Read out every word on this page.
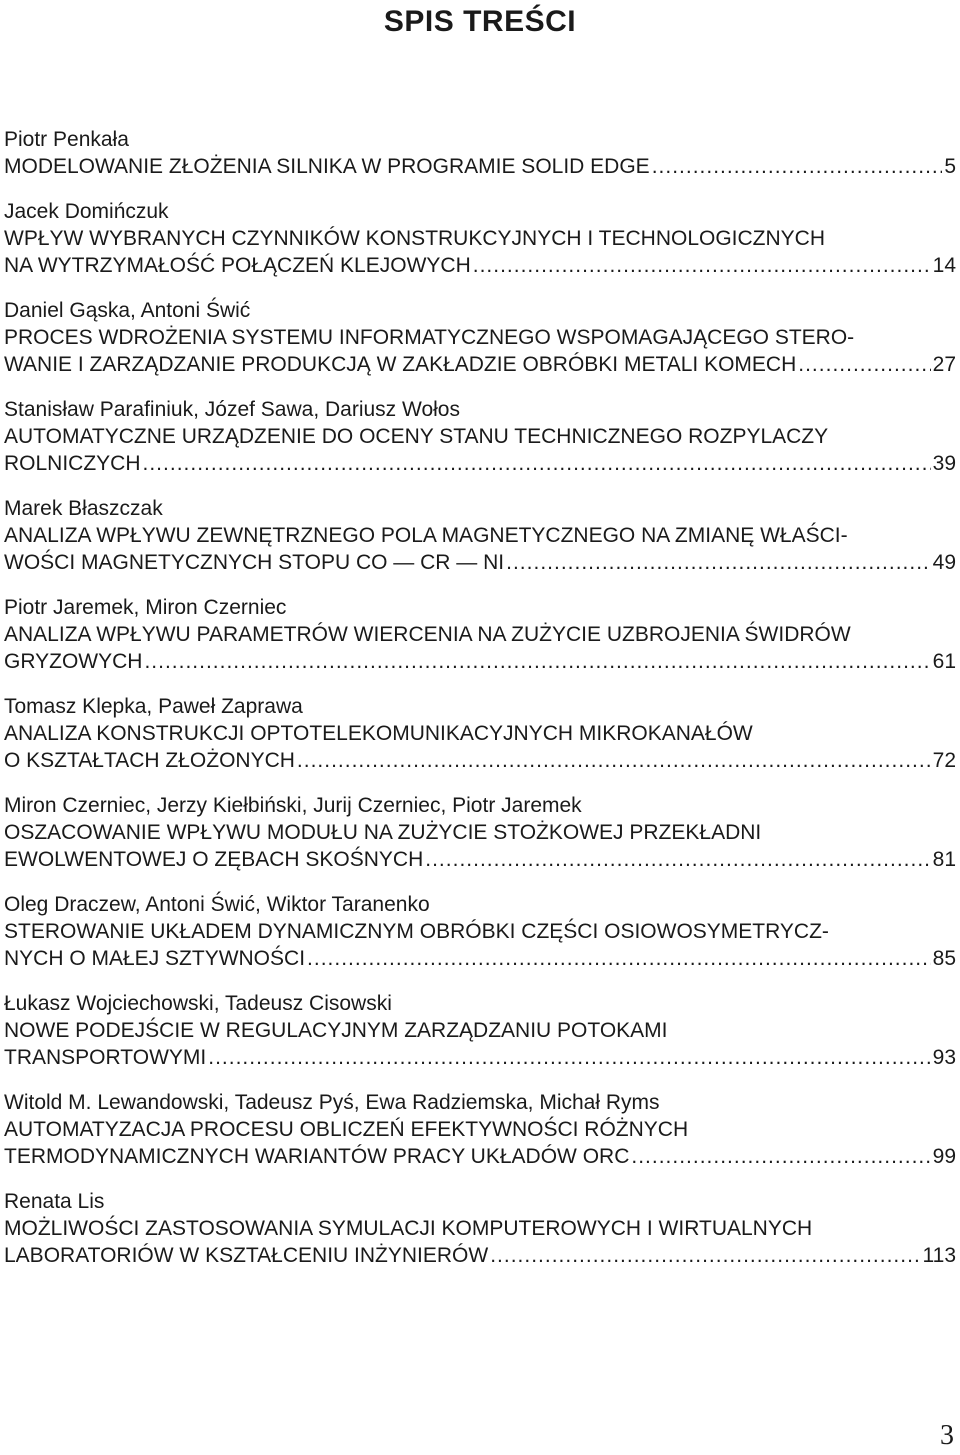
SPIS TREŚCI
Piotr Penkała
MODELOWANIE ZŁOŻENIA SILNIKA W PROGRAMIE SOLID EDGE .....	5
Jacek Domińczuk
WPŁYW WYBRANYCH CZYNNIKÓW KONSTRUKCYJNYCH I TECHNOLOGICZNYCH
NA WYTRZYMAŁOŚĆ POŁĄCZEŃ KLEJOWYCH .....	14
Daniel Gąska, Antoni Świć
PROCES WDROŻENIA SYSTEMU INFORMATYCZNEGO WSPOMAGAJĄCEGO STERO-
WANIE I ZARZĄDZANIE PRODUKCJĄ W ZAKŁADZIE OBRÓBKI METALI KOMECH .....	27
Stanisław Parafiniuk, Józef Sawa, Dariusz Wołos
AUTOMATYCZNE URZĄDZENIE DO OCENY STANU TECHNICZNEGO ROZPYLACZY
ROLNICZYCH .....	39
Marek Błaszczak
ANALIZA WPŁYWU ZEWNĘTRZNEGO POLA MAGNETYCZNEGO NA ZMIANĘ WŁAŚCI-
WOŚCI MAGNETYCZNYCH STOPU CO — CR — NI .....	49
Piotr Jaremek, Miron Czerniec
ANALIZA WPŁYWU PARAMETRÓW WIERCENIA NA ZUŻYCIE UZBROJENIA ŚWIDRÓW
GRYZOWYCH .....	61
Tomasz Klepka, Paweł Zaprawa
ANALIZA KONSTRUKCJI OPTOTELEKOMUNIKACYJNYCH MIKROKANAŁÓW
O KSZTAŁTACH ZŁOŻONYCH .....	72
Miron Czerniec, Jerzy Kiełbiński, Jurij Czerniec, Piotr Jaremek
OSZACOWANIE WPŁYWU MODUŁU NA ZUŻYCIE STOŻKOWEJ PRZEKŁADNI
EWOLWENTOWEJ O ZĘBACH SKOŚNYCH .....	81
Oleg Draczew, Antoni Świć, Wiktor Taranenko
STEROWANIE UKŁADEM DYNAMICZNYM OBRÓBKI CZĘŚCI OSIOWOSYMETRYCZ-
NYCH O MAŁEJ SZTYWNOŚCI .....	85
Łukasz Wojciechowski, Tadeusz Cisowski
NOWE PODEJŚCIE W REGULACYJNYM ZARZĄDZANIU POTOKAMI
TRANSPORTOWYMI .....	93
Witold M. Lewandowski, Tadeusz Pyś, Ewa Radziemska, Michał Ryms
AUTOMATYZACJA PROCESU OBLICZEŃ EFEKTYWNOŚCI RÓŻNYCH
TERMODYNAMICZNYCH WARIANTÓW PRACY UKŁADÓW ORC .....	99
Renata Lis
MOŻLIWOŚCI ZASTOSOWANIA SYMULACJI KOMPUTEROWYCH I WIRTUALNYCH
LABORATORIÓW W KSZTAŁCENIU INŻYNIERÓW .....	113
3
